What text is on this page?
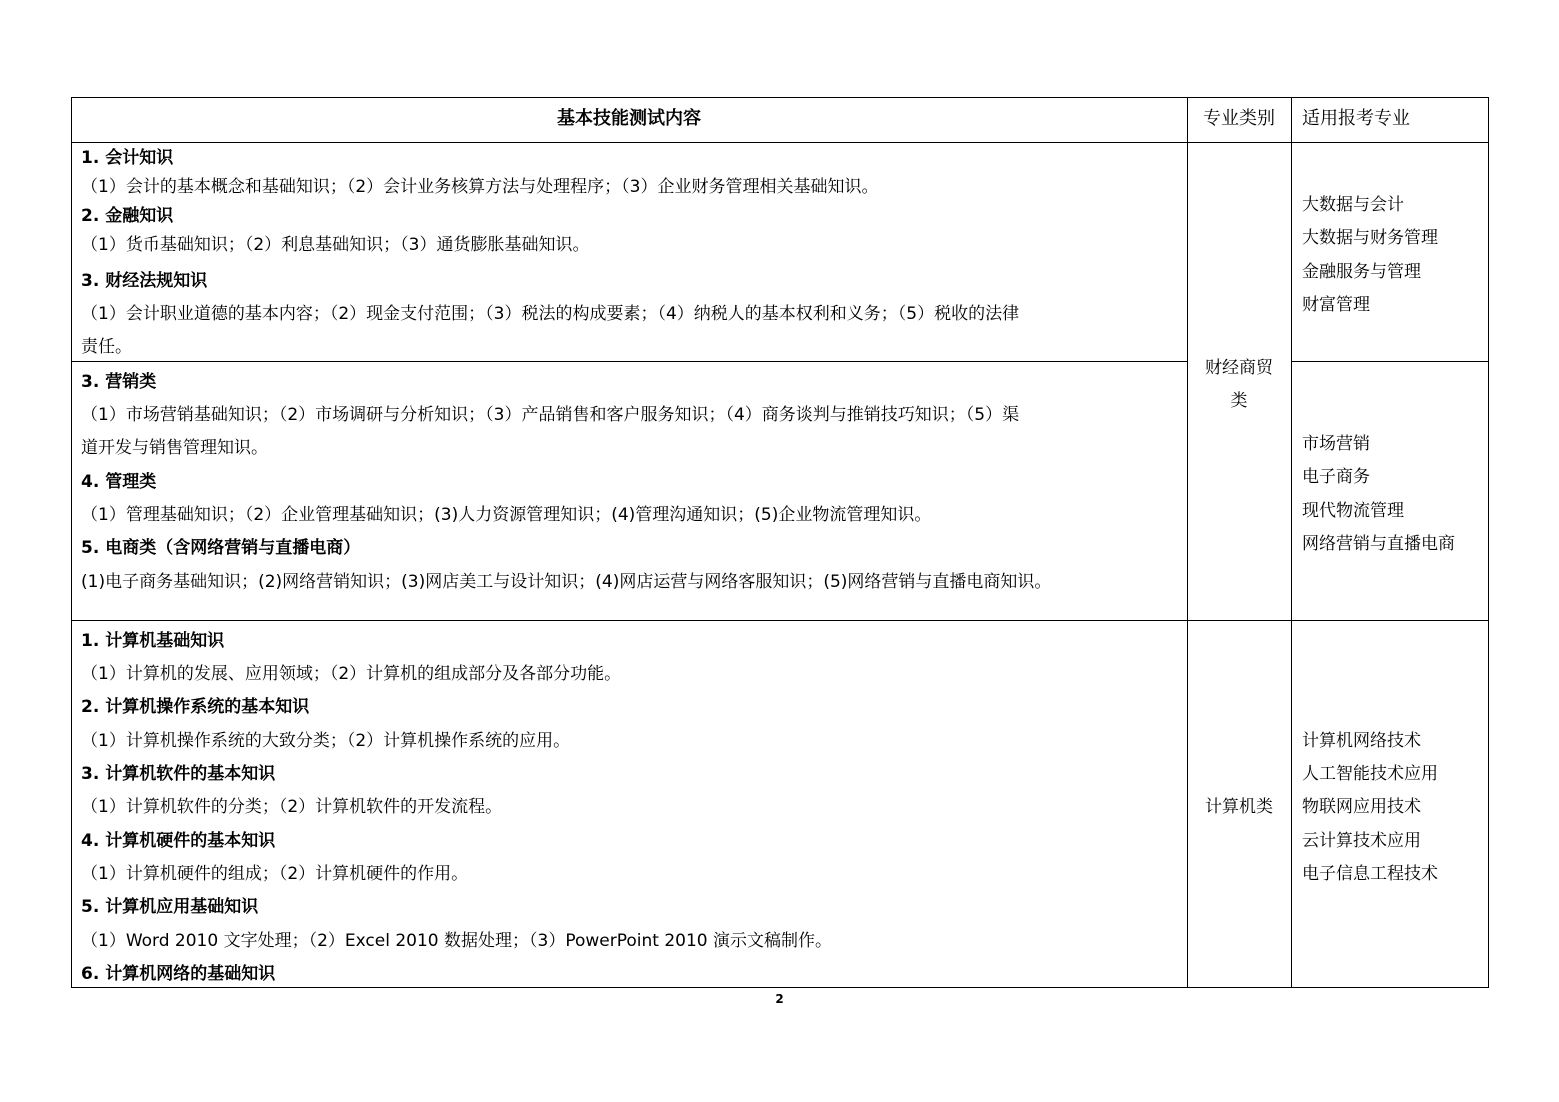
基本技能测试内容	专业类别	适用报考专业
1. 会计知识
（1）会计的基本概念和基础知识；（2）会计业务核算方法与处理程序；（3）企业财务管理相关基础知识。
2. 金融知识
（1）货币基础知识；（2）利息基础知识；（3）通货膨胀基础知识。
3. 财经法规知识
（1）会计职业道德的基本内容；（2）现金支付范围；（3）税法的构成要素；（4）纳税人的基本权利和义务；（5）税收的法律
责任。
大数据与会计
大数据与财务管理
金融服务与管理
财富管理
财经商贸
类
3. 营销类
（1）市场营销基础知识；（2）市场调研与分析知识；（3）产品销售和客户服务知识；（4）商务谈判与推销技巧知识；（5）渠
道开发与销售管理知识。
4. 管理类
（1）管理基础知识；（2）企业管理基础知识；(3)人力资源管理知识；(4)管理沟通知识；(5)企业物流管理知识。
5. 电商类（含网络营销与直播电商）
(1)电子商务基础知识；(2)网络营销知识；(3)网店美工与设计知识；(4)网店运营与网络客服知识；(5)网络营销与直播电商知识。
市场营销
电子商务
现代物流管理
网络营销与直播电商
1. 计算机基础知识
（1）计算机的发展、应用领域；（2）计算机的组成部分及各部分功能。
2. 计算机操作系统的基本知识
（1）计算机操作系统的大致分类；（2）计算机操作系统的应用。
3. 计算机软件的基本知识
（1）计算机软件的分类；（2）计算机软件的开发流程。
4. 计算机硬件的基本知识
（1）计算机硬件的组成；（2）计算机硬件的作用。
5. 计算机应用基础知识
（1）Word 2010 文字处理；（2）Excel 2010 数据处理；（3）PowerPoint 2010 演示文稿制作。
6. 计算机网络的基础知识
计算机类
计算机网络技术
人工智能技术应用
物联网应用技术
云计算技术应用
电子信息工程技术
2
